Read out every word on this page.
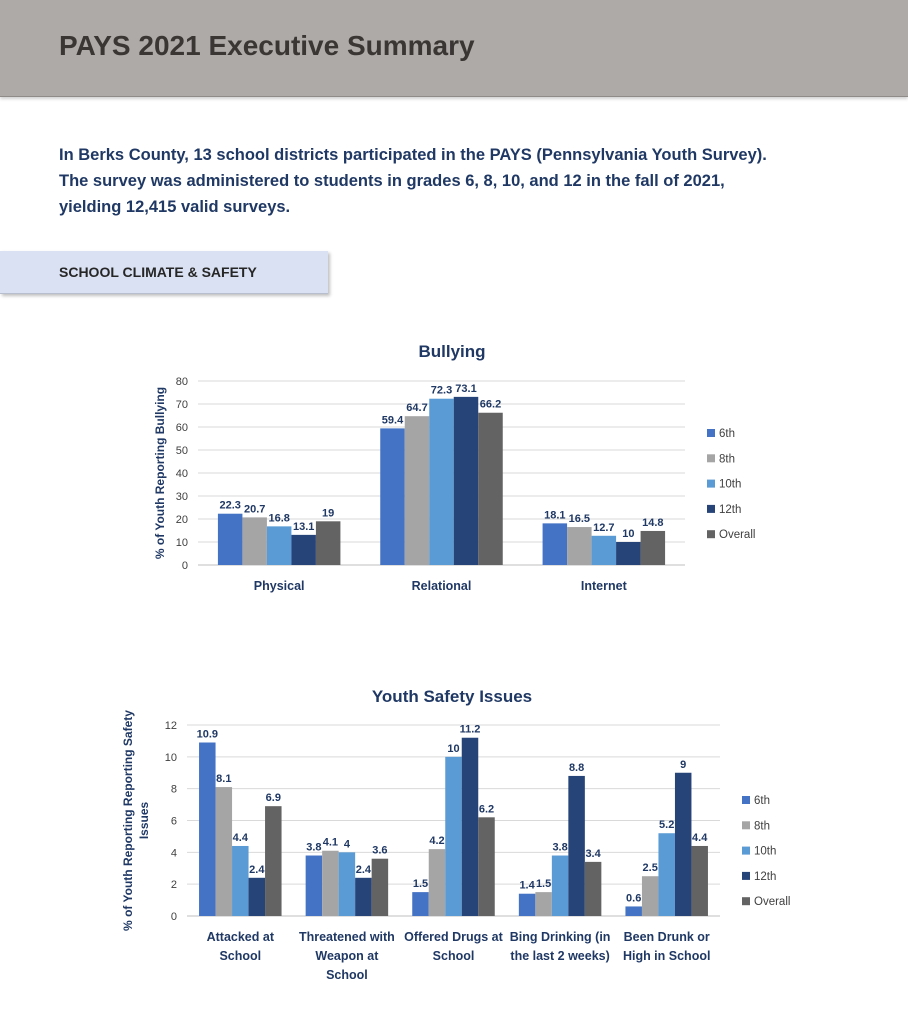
PAYS 2021 Executive Summary
In Berks County, 13 school districts participated in the PAYS (Pennsylvania Youth Survey).
The survey was administered to students in grades 6, 8, 10, and 12 in the fall of 2021,
yielding 12,415 valid surveys.
SCHOOL CLIMATE & SAFETY
Bullying
0
10
20
30
40
50
60
70
80
% of Youth Reporting Bullying	22.3
59.4
18.1
20.7
64.7
16.5
16.8
72.3
12.7
13.1
73.1
10
19
66.2
14.8
Physical	Relational	Internet
6th
8th
10th
12th
Overall
Youth Safety Issues
0
2
4
6
8
10
12
% of Youth Reporting Reporting Safety Issues
10.9
3.8
1.5	1.4
0.6
8.1
4.1	4.2
1.5
2.5
4.4
4
10
3.8
5.2
2.4	2.4
11.2
8.8	9
6.9
3.6
6.2
3.4
4.4
Attacked at School
Threatened with Weapon at School
Offered Drugs at School
Bing Drinking (in the last 2 weeks)
Been Drunk or High in School
6th
8th
10th
12th
Overall
